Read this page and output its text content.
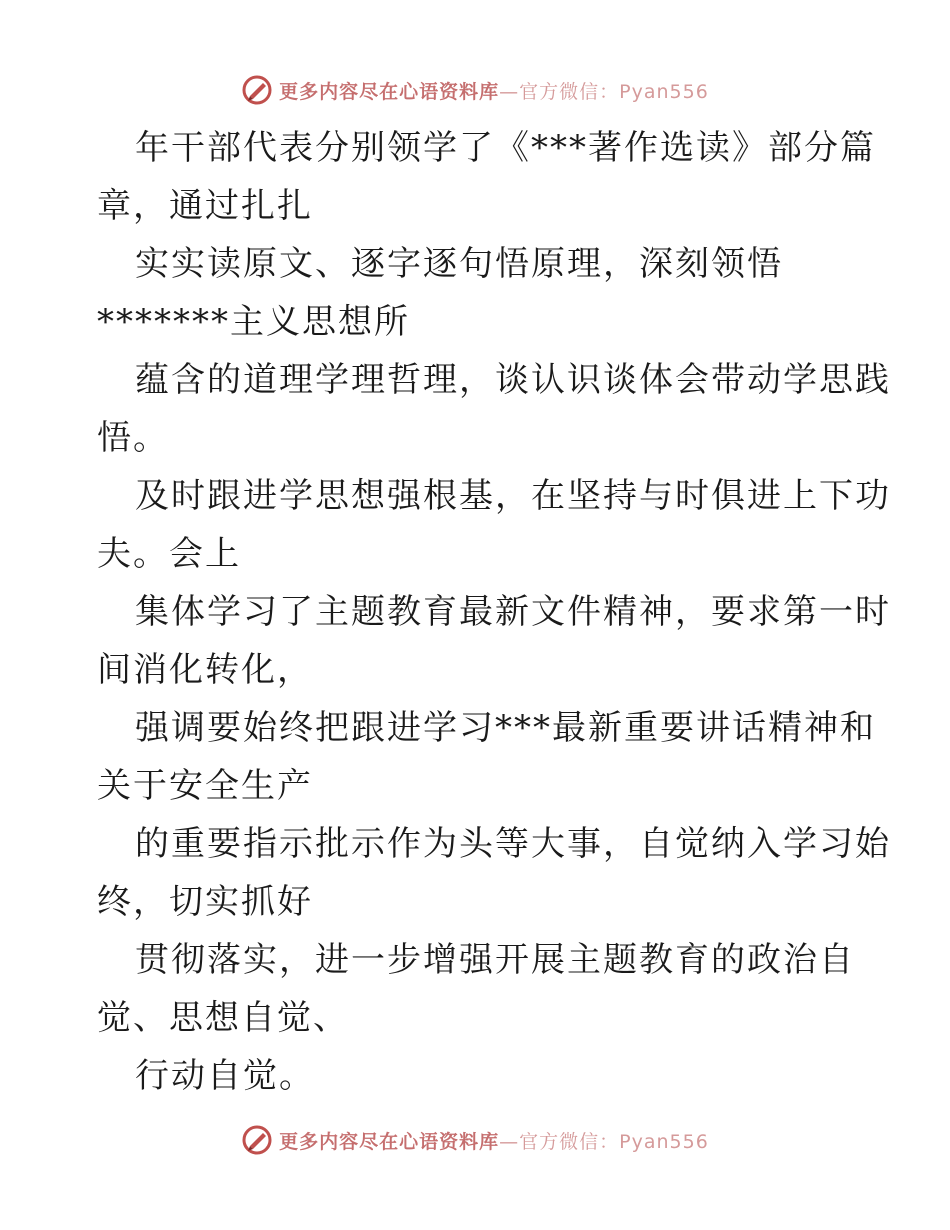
更多内容尽在心语资料库—官方微信：Pyan556
年干部代表分别领学了《***著作选读》部分篇
章，通过扎扎
实实读原文、逐字逐句悟原理，深刻领悟
*******主义思想所
蕴含的道理学理哲理，谈认识谈体会带动学思践
悟。
及时跟进学思想强根基，在坚持与时俱进上下功
夫。会上
集体学习了主题教育最新文件精神，要求第一时
间消化转化，
强调要始终把跟进学习***最新重要讲话精神和
关于安全生产
的重要指示批示作为头等大事，自觉纳入学习始
终，切实抓好
贯彻落实，进一步增强开展主题教育的政治自
觉、思想自觉、
行动自觉。
更多内容尽在心语资料库—官方微信：Pyan556
